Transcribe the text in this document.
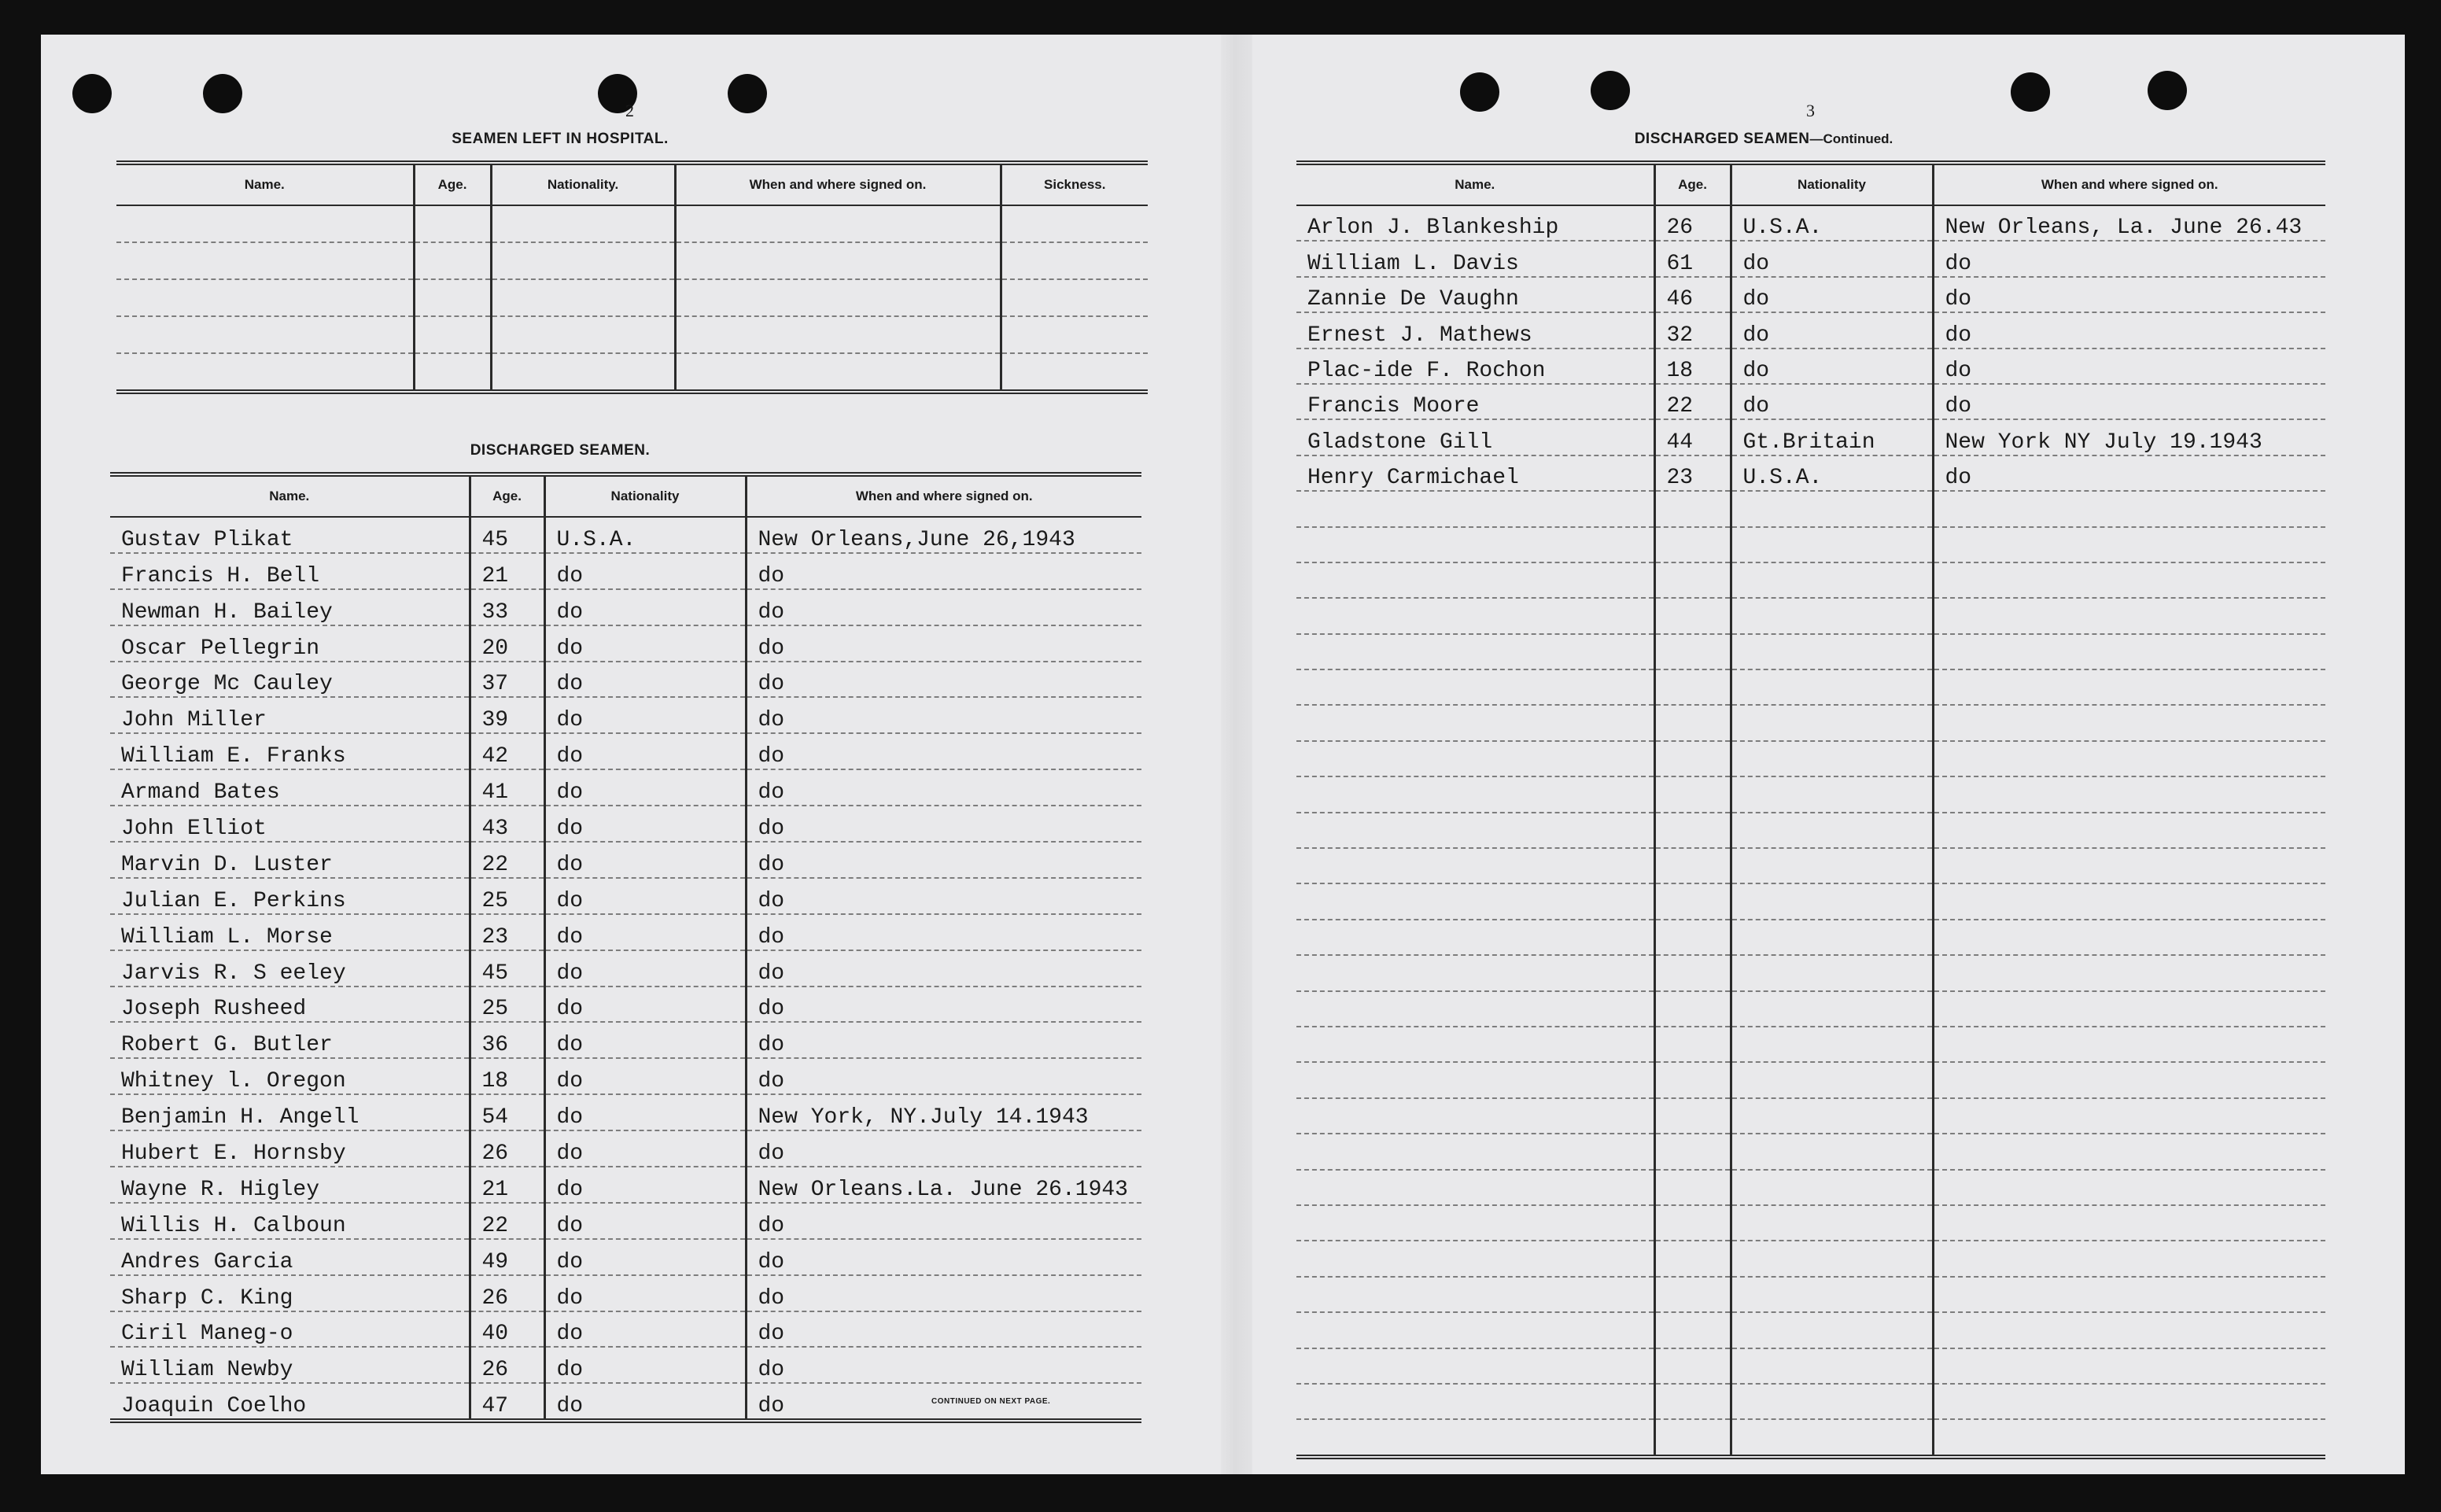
2
SEAMEN LEFT IN HOSPITAL.
Name.	Age.	Nationality.	When and where signed on.	Sickness.

DISCHARGED SEAMEN.
Name.	Age.	Nationality	When and where signed on.
Gustav Plikat	45	U.S.A.	New Orleans,June 26,1943
Francis H. Bell	21	do	do
Newman H. Bailey	33	do	do
Oscar Pellegrin	20	do	do
George Mc Cauley	37	do	do
John Miller	39	do	do
William E. Franks	42	do	do
Armand Bates	41	do	do
John Elliot	43	do	do
Marvin D. Luster	22	do	do
Julian E. Perkins	25	do	do
William L. Morse	23	do	do
Jarvis R. S eeley	45	do	do
Joseph Rusheed	25	do	do
Robert G. Butler	36	do	do
Whitney l. Oregon	18	do	do
Benjamin H. Angell	54	do	New York, NY.July 14.1943
Hubert E. Hornsby	26	do	do
Wayne R. Higley	21	do	New Orleans.La. June 26.1943
Willis H. Calboun	22	do	do
Andres Garcia	49	do	do
Sharp C. King	26	do	do
Ciril Maneg-o	40	do	do
William Newby	26	do	do
Joaquin Coelho	47	do	do	CONTINUED ON NEXT PAGE.
3
DISCHARGED SEAMEN—Continued.
Name.	Age.	Nationality	When and where signed on.
Arlon J. Blankeship	26	U.S.A.	New Orleans, La. June 26.43
William L. Davis	61	do	do
Zannie De Vaughn	46	do	do
Ernest J. Mathews	32	do	do
Plac-ide F. Rochon	18	do	do
Francis Moore	22	do	do
Gladstone Gill	44	Gt.Britain	New York NY July 19.1943
Henry Carmichael	23	U.S.A.	do
